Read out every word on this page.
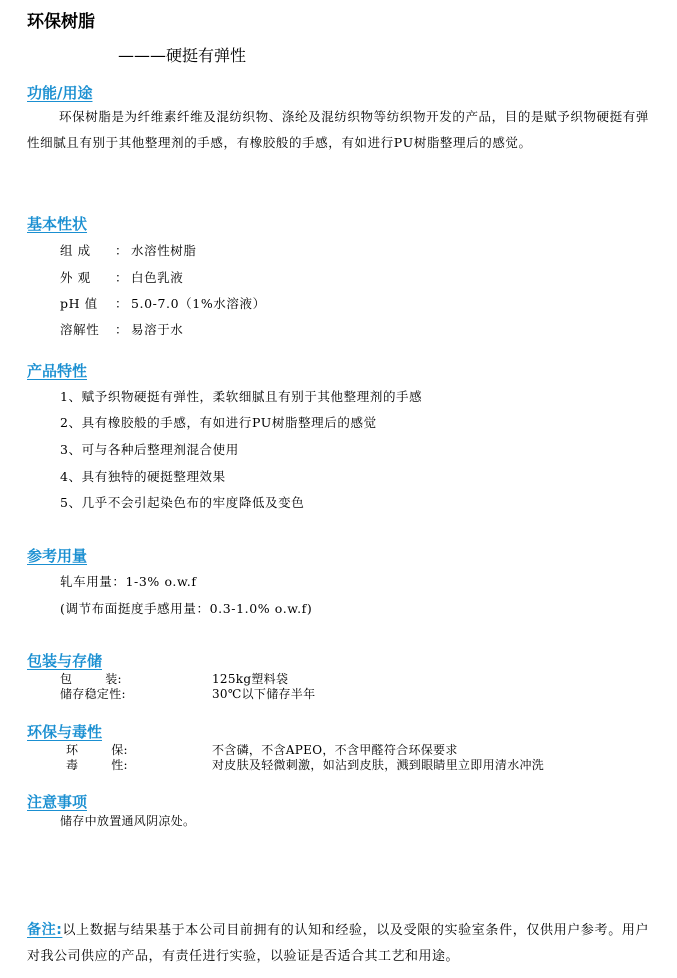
环保树脂
———硬挺有弹性
功能/用途
环保树脂是为纤维素纤维及混纺织物、涤纶及混纺织物等纺织物开发的产品，目的是赋予织物硬挺有弹性细腻且有别于其他整理剂的手感，有橡胶般的手感，有如进行PU树脂整理后的感觉。
基本性状
组 成 ： 水溶性树脂
外 观 ： 白色乳液
pH 值 ： 5.0-7.0（1%水溶液）
溶解性 ： 易溶于水
产品特性
1、赋予织物硬挺有弹性，柔软细腻且有别于其他整理剂的手感
2、具有橡胶般的手感，有如进行PU树脂整理后的感觉
3、可与各种后整理剂混合使用
4、具有独特的硬挺整理效果
5、几乎不会引起染色布的牢度降低及变色
参考用量
轧车用量：1-3% o.w.f
(调节布面挺度手感用量：0.3-1.0% o.w.f)
包装与存储
包        装:	125kg塑料袋
储存稳定性:	30℃以下储存半年
环保与毒性
环        保:	不含磷，不含APEO，不含甲醛符合环保要求
毒        性:	对皮肤及轻微刺激，如沾到皮肤，溅到眼睛里立即用清水冲洗
注意事项
储存中放置通风阴凉处。
备注:以上数据与结果基于本公司目前拥有的认知和经验，以及受限的实验室条件，仅供用户参考。用户对我公司供应的产品，有责任进行实验，以验证是否适合其工艺和用途。
